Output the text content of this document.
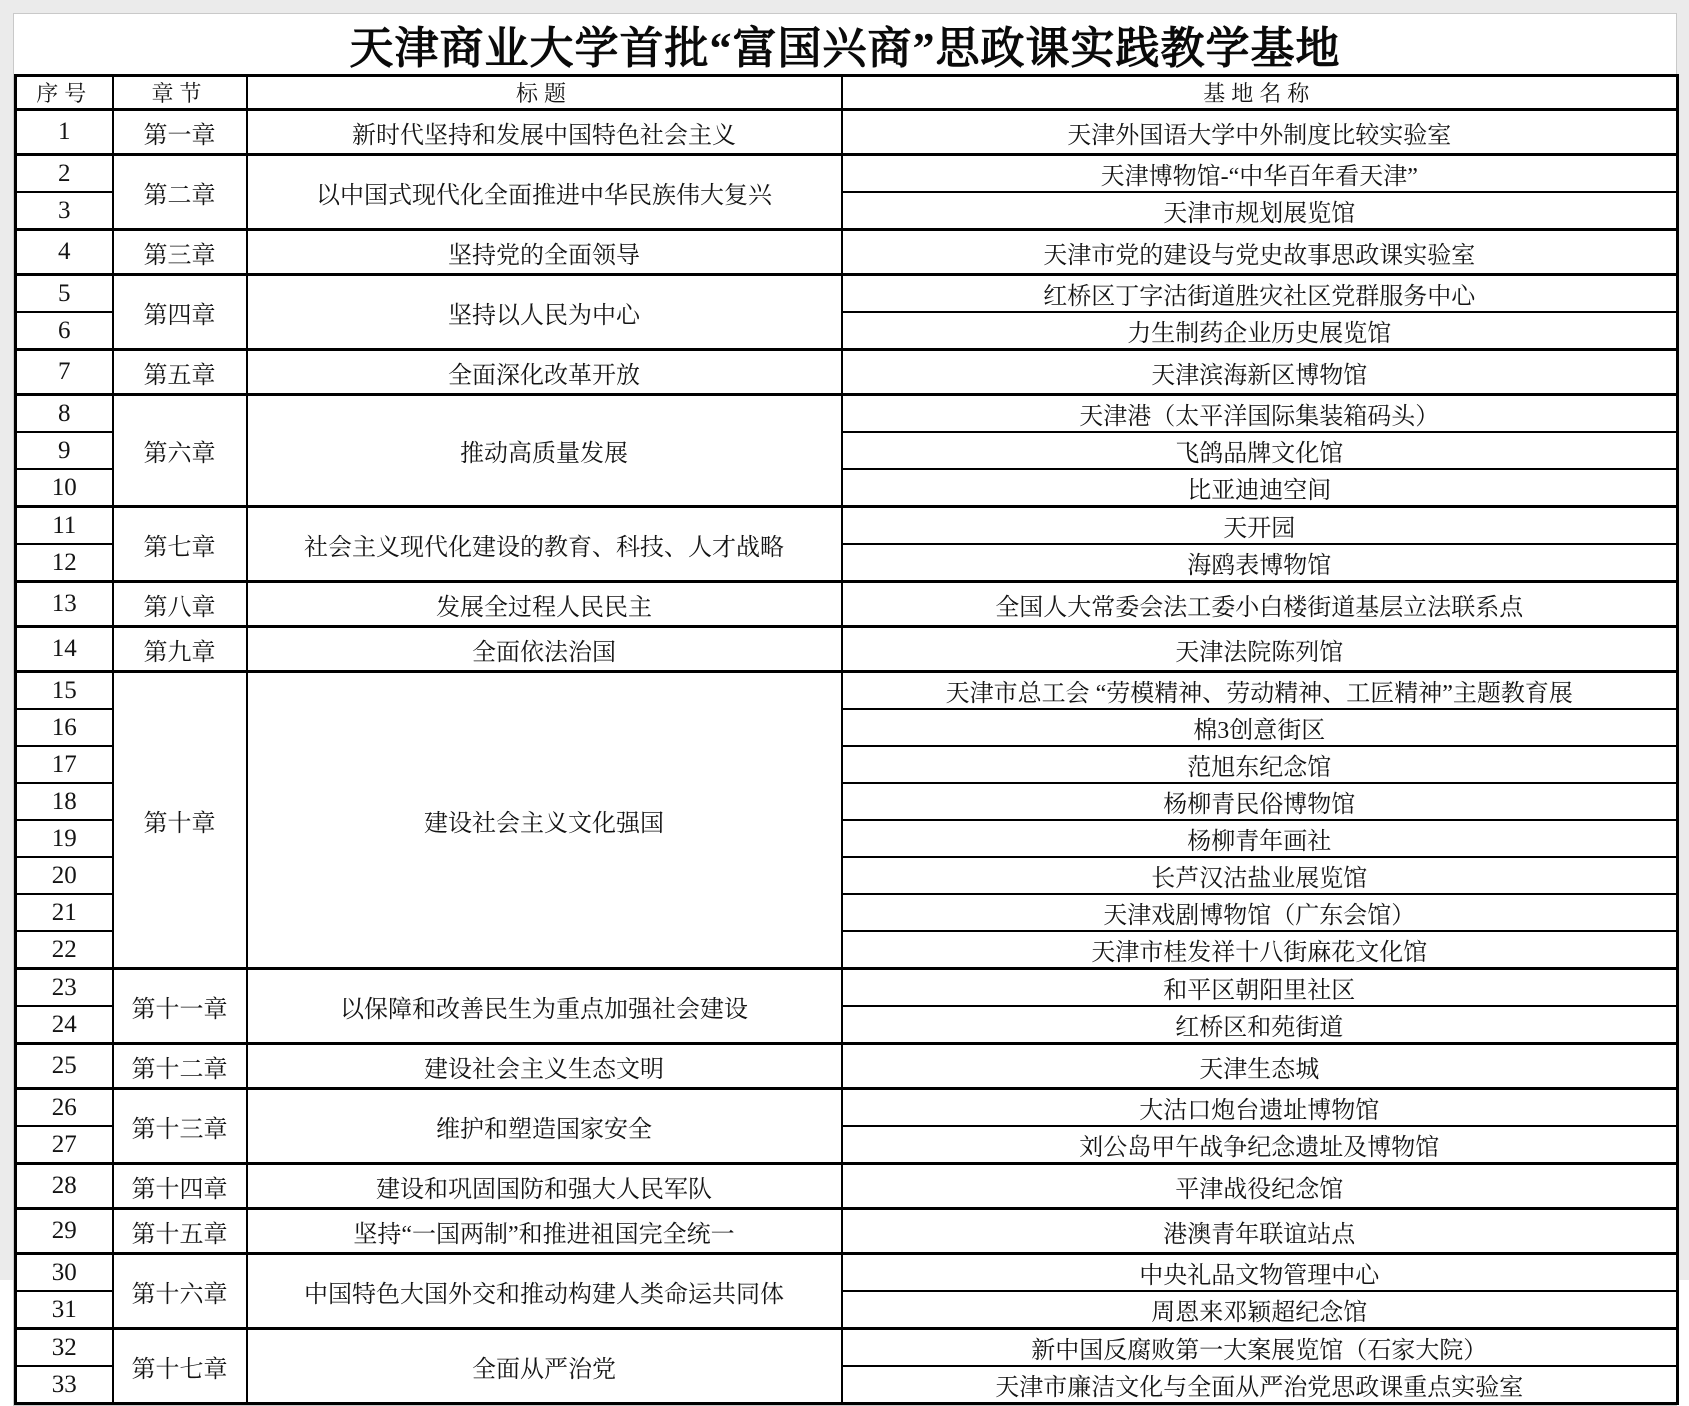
天津商业大学首批“富国兴商”思政课实践教学基地
序号	章节	标题	基地名称
1	第一章	新时代坚持和发展中国特色社会主义	天津外国语大学中外制度比较实验室
2	第二章	以中国式现代化全面推进中华民族伟大复兴	天津博物馆-“中华百年看天津”
3			天津市规划展览馆
4	第三章	坚持党的全面领导	天津市党的建设与党史故事思政课实验室
5	第四章	坚持以人民为中心	红桥区丁字沽街道胜灾社区党群服务中心
6			力生制药企业历史展览馆
7	第五章	全面深化改革开放	天津滨海新区博物馆
8	第六章	推动高质量发展	天津港（太平洋国际集装箱码头）
9			飞鸽品牌文化馆
10			比亚迪迪空间
11	第七章	社会主义现代化建设的教育、科技、人才战略	天开园
12			海鸥表博物馆
13	第八章	发展全过程人民民主	全国人大常委会法工委小白楼街道基层立法联系点
14	第九章	全面依法治国	天津法院陈列馆
15	第十章	建设社会主义文化强国	天津市总工会 “劳模精神、劳动精神、工匠精神”主题教育展
16			棉3创意街区
17			范旭东纪念馆
18			杨柳青民俗博物馆
19			杨柳青年画社
20			长芦汉沽盐业展览馆
21			天津戏剧博物馆（广东会馆）
22			天津市桂发祥十八街麻花文化馆
23	第十一章	以保障和改善民生为重点加强社会建设	和平区朝阳里社区
24			红桥区和苑街道
25	第十二章	建设社会主义生态文明	天津生态城
26	第十三章	维护和塑造国家安全	大沽口炮台遗址博物馆
27			刘公岛甲午战争纪念遗址及博物馆
28	第十四章	建设和巩固国防和强大人民军队	平津战役纪念馆
29	第十五章	坚持“一国两制”和推进祖国完全统一	港澳青年联谊站点
30	第十六章	中国特色大国外交和推动构建人类命运共同体	中央礼品文物管理中心
31			周恩来邓颖超纪念馆
32	第十七章	全面从严治党	新中国反腐败第一大案展览馆（石家大院）
33			天津市廉洁文化与全面从严治党思政课重点实验室
